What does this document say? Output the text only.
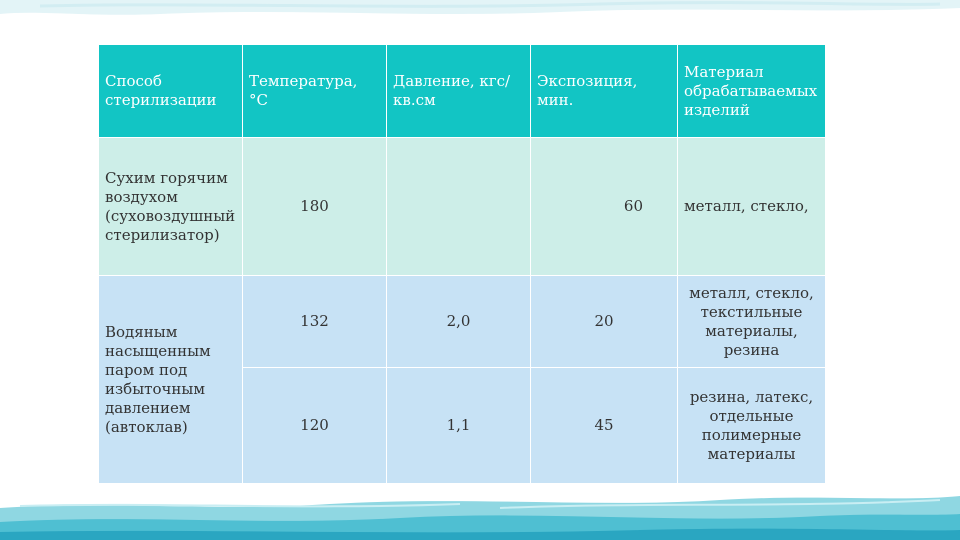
Способ стерилизации	Температура, °С	Давление, кгс/кв.см	Экспозиция, мин.	Материал обрабатываемых изделий
Сухим горячим воздухом (суховоздушный стерилизатор)	180		60	металл, стекло,
Водяным насыщенным паром под избыточным давлением (автоклав)	132	2,0	20	металл, стекло, текстильные материалы, резина
	120	1,1	45	резина, латекс, отдельные полимерные материалы
